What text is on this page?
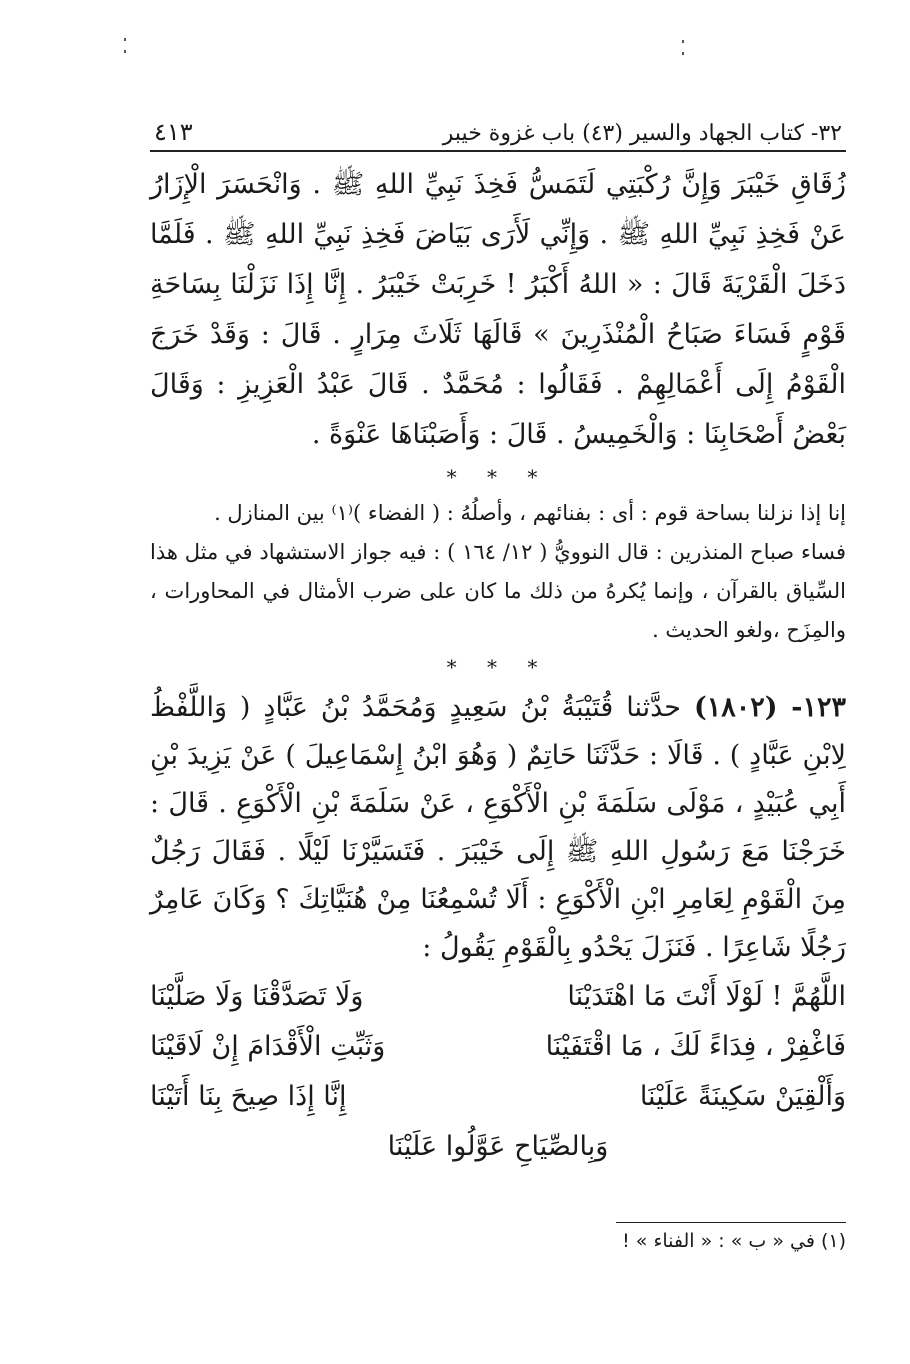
٣٢- كتاب الجهاد والسير (٤٣) باب غزوة خيبر
٤١٣
زُقَاقِ خَيْبَرَ وَإِنَّ رُكْبَتِي لَتَمَسُّ فَخِذَ نَبِيِّ اللهِ ﷺ . وَانْحَسَرَ الْإِزَارُ عَنْ فَخِذِ نَبِيِّ اللهِ ﷺ . وَإِنِّي لَأَرَى بَيَاضَ فَخِذِ نَبِيِّ اللهِ ﷺ . فَلَمَّا دَخَلَ الْقَرْيَةَ قَالَ : « اللهُ أَكْبَرُ ! خَرِبَتْ خَيْبَرُ . إِنَّا إِذَا نَزَلْنَا بِسَاحَةِ قَوْمٍ فَسَاءَ صَبَاحُ الْمُنْذَرِينَ » قَالَهَا ثَلَاثَ مِرَارٍ . قَالَ : وَقَدْ خَرَجَ الْقَوْمُ إِلَى أَعْمَالِهِمْ . فَقَالُوا : مُحَمَّدٌ . قَالَ عَبْدُ الْعَزِيزِ : وَقَالَ بَعْضُ أَصْحَابِنَا : وَالْخَمِيسُ . قَالَ : وَأَصَبْنَاهَا عَنْوَةً .
* * *
إنا إذا نزلنا بساحة قوم : أى : بفنائهم ، وأصلُهُ : ( الفضاء )⁽١⁾ بين المنازل .
فساء صباح المنذرين : قال النوويُّ ( ١٢/ ١٦٤ ) : فيه جواز الاستشهاد في مثل هذا السِّياق بالقرآن ، وإنما يُكرهُ من ذلك ما كان على ضرب الأمثال في المحاورات ، والمِزَح ،ولغو الحديث .
* * *
١٢٣- (١٨٠٢) حدَّثنا قُتَيْبَةُ بْنُ سَعِيدٍ وَمُحَمَّدُ بْنُ عَبَّادٍ ( وَاللَّفْظُ لِابْنِ عَبَّادٍ ) . قَالَا : حَدَّثَنَا حَاتِمٌ ( وَهُوَ ابْنُ إِسْمَاعِيلَ ) عَنْ يَزِيدَ بْنِ أَبِي عُبَيْدٍ ، مَوْلَى سَلَمَةَ بْنِ الْأَكْوَعِ ، عَنْ سَلَمَةَ بْنِ الْأَكْوَعِ . قَالَ : خَرَجْنَا مَعَ رَسُولِ اللهِ ﷺ إِلَى خَيْبَرَ . فَتَسَيَّرْنَا لَيْلًا . فَقَالَ رَجُلٌ مِنَ الْقَوْمِ لِعَامِرِ ابْنِ الْأَكْوَعِ : أَلَا تُسْمِعُنَا مِنْ هُنَيَّاتِكَ ؟ وَكَانَ عَامِرٌ رَجُلًا شَاعِرًا . فَنَزَلَ يَحْدُو بِالْقَوْمِ يَقُولُ :
اللَّهُمَّ ! لَوْلَا أَنْتَ مَا اهْتَدَيْنَا
وَلَا تَصَدَّقْنَا وَلَا صَلَّيْنَا
فَاغْفِرْ ، فِدَاءً لَكَ ، مَا اقْتَفَيْنَا
وَثَبِّتِ الْأَقْدَامَ إِنْ لَاقَيْنَا
وَأَلْقِيَنْ سَكِينَةً عَلَيْنَا
إِنَّا إِذَا صِيحَ بِنَا أَتَيْنَا
وَبِالصِّيَاحِ عَوَّلُوا عَلَيْنَا
(١) في « ب » : « الفناء » !
